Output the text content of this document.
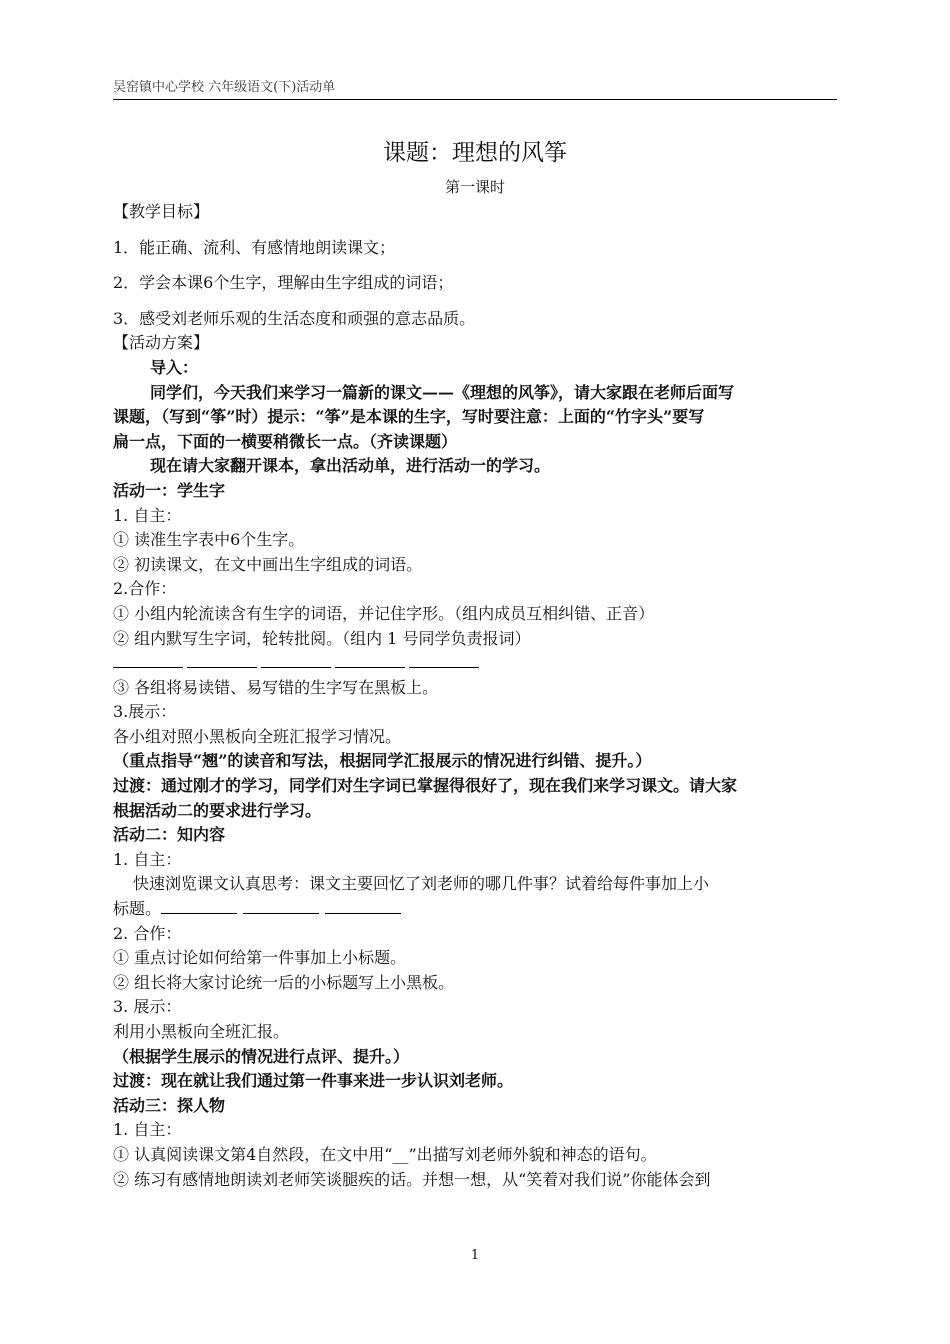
吴窑镇中心学校 六年级语文(下)活动单
课题：理想的风筝
第一课时
【教学目标】
1．能正确、流利、有感情地朗读课文；
2．学会本课6个生字，理解由生字组成的词语；
3．感受刘老师乐观的生活态度和顽强的意志品质。
【活动方案】
导入：
同学们，今天我们来学习一篇新的课文——《理想的风筝》，请大家跟在老师后面写
课题，（写到“筝”时）提示：“筝”是本课的生字，写时要注意：上面的“竹字头”要写
扁一点，下面的一横要稍微长一点。（齐读课题）
现在请大家翻开课本，拿出活动单，进行活动一的学习。
活动一：学生字
1. 自主：
① 读准生字表中6个生字。
② 初读课文，在文中画出生字组成的词语。
2.合作：
① 小组内轮流读含有生字的词语，并记住字形。（组内成员互相纠错、正音）
② 组内默写生字词，轮转批阅。（组内 1 号同学负责报词）
③ 各组将易读错、易写错的生字写在黑板上。
3.展示：
各小组对照小黑板向全班汇报学习情况。
（重点指导“翘”的读音和写法，根据同学汇报展示的情况进行纠错、提升。）
过渡：通过刚才的学习，同学们对生字词已掌握得很好了，现在我们来学习课文。请大家
根据活动二的要求进行学习。
活动二：知内容
1. 自主：
快速浏览课文认真思考：课文主要回忆了刘老师的哪几件事？试着给每件事加上小
标题。
2. 合作：
① 重点讨论如何给第一件事加上小标题。
② 组长将大家讨论统一后的小标题写上小黑板。
3. 展示：
利用小黑板向全班汇报。
（根据学生展示的情况进行点评、提升。）
过渡：现在就让我们通过第一件事来进一步认识刘老师。
活动三：探人物
1. 自主：
① 认真阅读课文第4自然段，在文中用“__”出描写刘老师外貌和神态的语句。
② 练习有感情地朗读刘老师笑谈腿疾的话。并想一想，从“笑着对我们说”你能体会到
1
